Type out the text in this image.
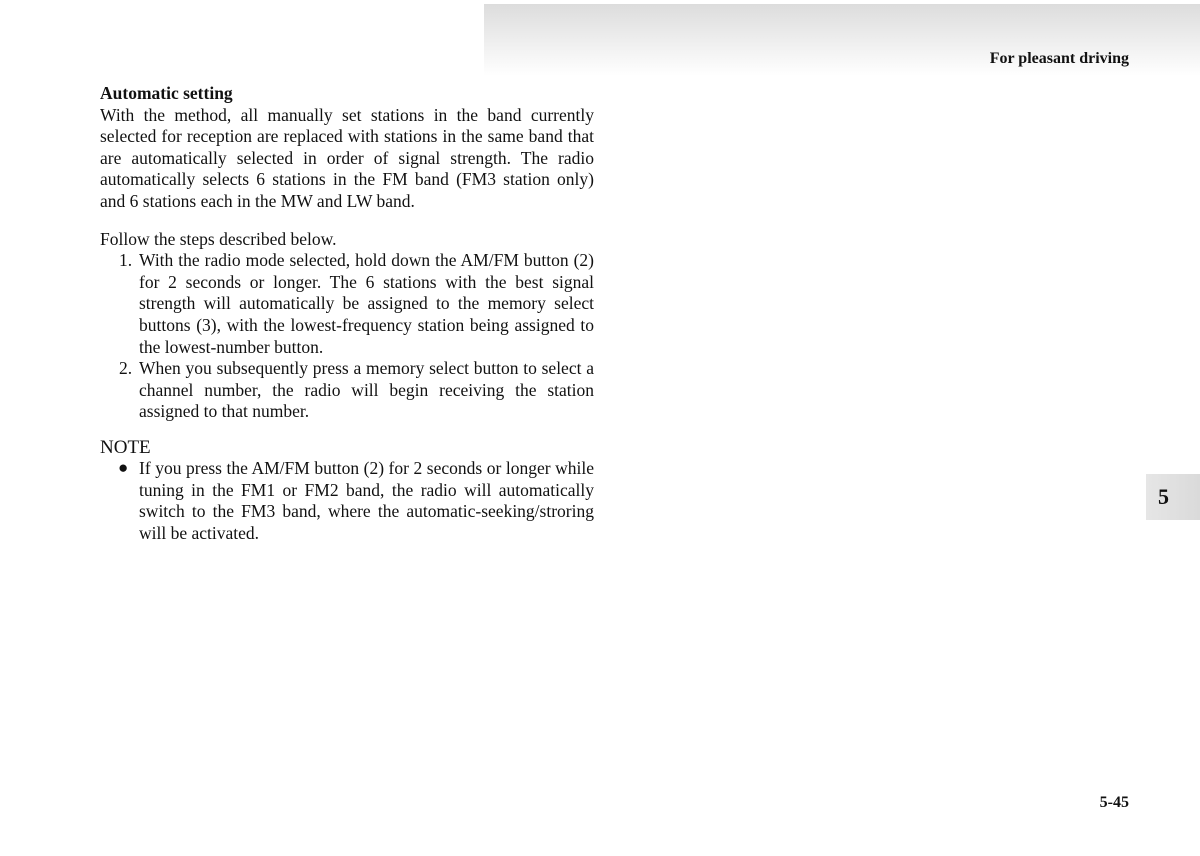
For pleasant driving
5

Automatic setting

With the method, all manually set stations in the band currently selected for reception are replaced with stations in the same band that are automatically selected in order of signal strength. The radio automatically selects 6 stations in the FM band (FM3 station only) and 6 stations each in the MW and LW band.

Follow the steps described below.

1. With the radio mode selected, hold down the AM/FM button (2) for 2 seconds or longer. The 6 stations with the best signal strength will automatically be assigned to the memory select buttons (3), with the lowest-frequency station being assigned to the lowest-number button.
2. When you subsequently press a memory select button to select a channel number, the radio will begin receiving the station assigned to that number.

NOTE

● If you press the AM/FM button (2) for 2 seconds or longer while tuning in the FM1 or FM2 band, the radio will automatically switch to the FM3 band, where the automatic-seeking/stroring will be activated.
5-45
